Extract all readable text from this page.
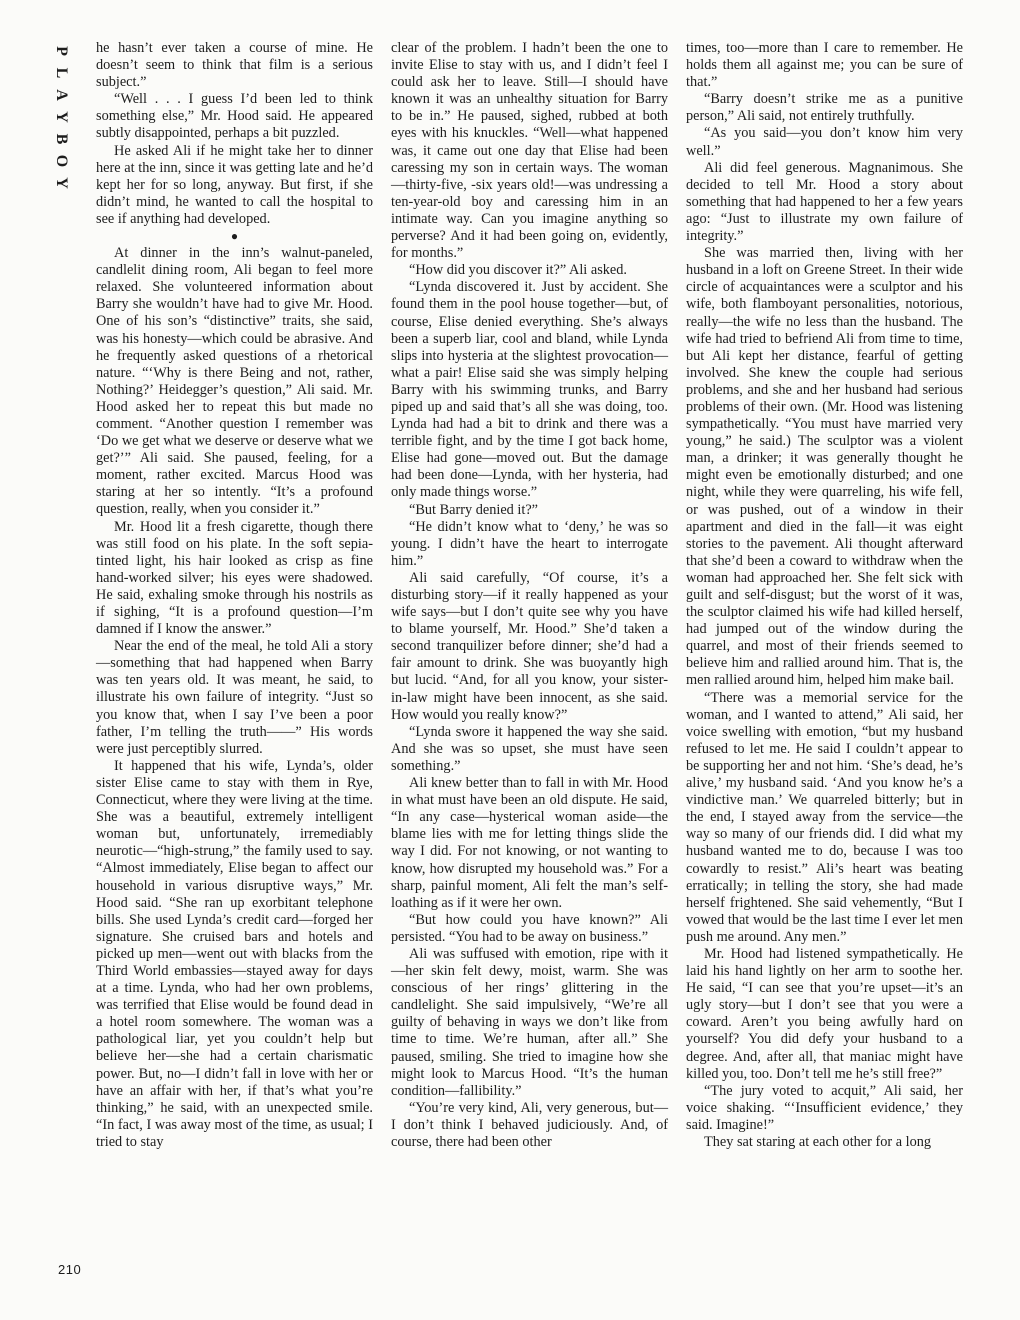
P
L
A
Y
B
O
Y

he hasn’t ever taken a course of mine. He doesn’t seem to think that film is a serious subject.”

“Well . . . I guess I’d been led to think something else,” Mr. Hood said. He appeared subtly disappointed, perhaps a bit puzzled.

He asked Ali if he might take her to dinner here at the inn, since it was getting late and he’d kept her for so long, anyway. But first, if she didn’t mind, he wanted to call the hospital to see if anything had developed.

●

At dinner in the inn’s walnut-paneled, candlelit dining room, Ali began to feel more relaxed. She volunteered information about Barry she wouldn’t have had to give Mr. Hood. One of his son’s “distinctive” traits, she said, was his honesty—which could be abrasive. And he frequently asked questions of a rhetorical nature. “‘Why is there Being and not, rather, Nothing?’ Heidegger’s question,” Ali said. Mr. Hood asked her to repeat this but made no comment. “Another question I remember was ‘Do we get what we deserve or deserve what we get?’” Ali said. She paused, feeling, for a moment, rather excited. Marcus Hood was staring at her so intently. “It’s a profound question, really, when you consider it.”

Mr. Hood lit a fresh cigarette, though there was still food on his plate. In the soft sepia-tinted light, his hair looked as crisp as fine hand-worked silver; his eyes were shadowed. He said, exhaling smoke through his nostrils as if sighing, “It is a profound question—I’m damned if I know the answer.”

Near the end of the meal, he told Ali a story—something that had happened when Barry was ten years old. It was meant, he said, to illustrate his own failure of integrity. “Just so you know that, when I say I’ve been a poor father, I’m telling the truth——” His words were just perceptibly slurred.

It happened that his wife, Lynda’s, older sister Elise came to stay with them in Rye, Connecticut, where they were living at the time. She was a beautiful, extremely intelligent woman but, unfortunately, irremediably neurotic—“high-strung,” the family used to say. “Almost immediately, Elise began to affect our household in various disruptive ways,” Mr. Hood said. “She ran up exorbitant telephone bills. She used Lynda’s credit card—forged her signature. She cruised bars and hotels and picked up men—went out with blacks from the Third World embassies—stayed away for days at a time. Lynda, who had her own problems, was terrified that Elise would be found dead in a hotel room somewhere. The woman was a pathological liar, yet you couldn’t help but believe her—she had a certain charismatic power. But, no—I didn’t fall in love with her or have an affair with her, if that’s what you’re thinking,” he said, with an unexpected smile. “In fact, I was away most of the time, as usual; I tried to stay

clear of the problem. I hadn’t been the one to invite Elise to stay with us, and I didn’t feel I could ask her to leave. Still—I should have known it was an unhealthy situation for Barry to be in.” He paused, sighed, rubbed at both eyes with his knuckles. “Well—what happened was, it came out one day that Elise had been caressing my son in certain ways. The woman—thirty-five, -six years old!—was undressing a ten-year-old boy and caressing him in an intimate way. Can you imagine anything so perverse? And it had been going on, evidently, for months.”

“How did you discover it?” Ali asked.

“Lynda discovered it. Just by accident. She found them in the pool house together—but, of course, Elise denied everything. She’s always been a superb liar, cool and bland, while Lynda slips into hysteria at the slightest provocation—what a pair! Elise said she was simply helping Barry with his swimming trunks, and Barry piped up and said that’s all she was doing, too. Lynda had had a bit to drink and there was a terrible fight, and by the time I got back home, Elise had gone—moved out. But the damage had been done—Lynda, with her hysteria, had only made things worse.”

“But Barry denied it?”

“He didn’t know what to ‘deny,’ he was so young. I didn’t have the heart to interrogate him.”

Ali said carefully, “Of course, it’s a disturbing story—if it really happened as your wife says—but I don’t quite see why you have to blame yourself, Mr. Hood.” She’d taken a second tranquilizer before dinner; she’d had a fair amount to drink. She was buoyantly high but lucid. “And, for all you know, your sister-in-law might have been innocent, as she said. How would you really know?”

“Lynda swore it happened the way she said. And she was so upset, she must have seen something.”

Ali knew better than to fall in with Mr. Hood in what must have been an old dispute. He said, “In any case—hysterical woman aside—the blame lies with me for letting things slide the way I did. For not knowing, or not wanting to know, how disrupted my household was.” For a sharp, painful moment, Ali felt the man’s self-loathing as if it were her own.

“But how could you have known?” Ali persisted. “You had to be away on business.”

Ali was suffused with emotion, ripe with it—her skin felt dewy, moist, warm. She was conscious of her rings’ glittering in the candlelight. She said impulsively, “We’re all guilty of behaving in ways we don’t like from time to time. We’re human, after all.” She paused, smiling. She tried to imagine how she might look to Marcus Hood. “It’s the human condition—fallibility.”

“You’re very kind, Ali, very generous, but—I don’t think I behaved judiciously. And, of course, there had been other

times, too—more than I care to remember. He holds them all against me; you can be sure of that.”

“Barry doesn’t strike me as a punitive person,” Ali said, not entirely truthfully.

“As you said—you don’t know him very well.”

Ali did feel generous. Magnanimous. She decided to tell Mr. Hood a story about something that had happened to her a few years ago: “Just to illustrate my own failure of integrity.”

She was married then, living with her husband in a loft on Greene Street. In their wide circle of acquaintances were a sculptor and his wife, both flamboyant personalities, notorious, really—the wife no less than the husband. The wife had tried to befriend Ali from time to time, but Ali kept her distance, fearful of getting involved. She knew the couple had serious problems, and she and her husband had serious problems of their own. (Mr. Hood was listening sympathetically. “You must have married very young,” he said.) The sculptor was a violent man, a drinker; it was generally thought he might even be emotionally disturbed; and one night, while they were quarreling, his wife fell, or was pushed, out of a window in their apartment and died in the fall—it was eight stories to the pavement. Ali thought afterward that she’d been a coward to withdraw when the woman had approached her. She felt sick with guilt and self-disgust; but the worst of it was, the sculptor claimed his wife had killed herself, had jumped out of the window during the quarrel, and most of their friends seemed to believe him and rallied around him. That is, the men rallied around him, helped him make bail.

“There was a memorial service for the woman, and I wanted to attend,” Ali said, her voice swelling with emotion, “but my husband refused to let me. He said I couldn’t appear to be supporting her and not him. ‘She’s dead, he’s alive,’ my husband said. ‘And you know he’s a vindictive man.’ We quarreled bitterly; but in the end, I stayed away from the service—the way so many of our friends did. I did what my husband wanted me to do, because I was too cowardly to resist.” Ali’s heart was beating erratically; in telling the story, she had made herself frightened. She said vehemently, “But I vowed that would be the last time I ever let men push me around. Any men.”

Mr. Hood had listened sympathetically. He laid his hand lightly on her arm to soothe her. He said, “I can see that you’re upset—it’s an ugly story—but I don’t see that you were a coward. Aren’t you being awfully hard on yourself? You did defy your husband to a degree. And, after all, that maniac might have killed you, too. Don’t tell me he’s still free?”

“The jury voted to acquit,” Ali said, her voice shaking. “‘Insufficient evidence,’ they said. Imagine!”

They sat staring at each other for a long

210
